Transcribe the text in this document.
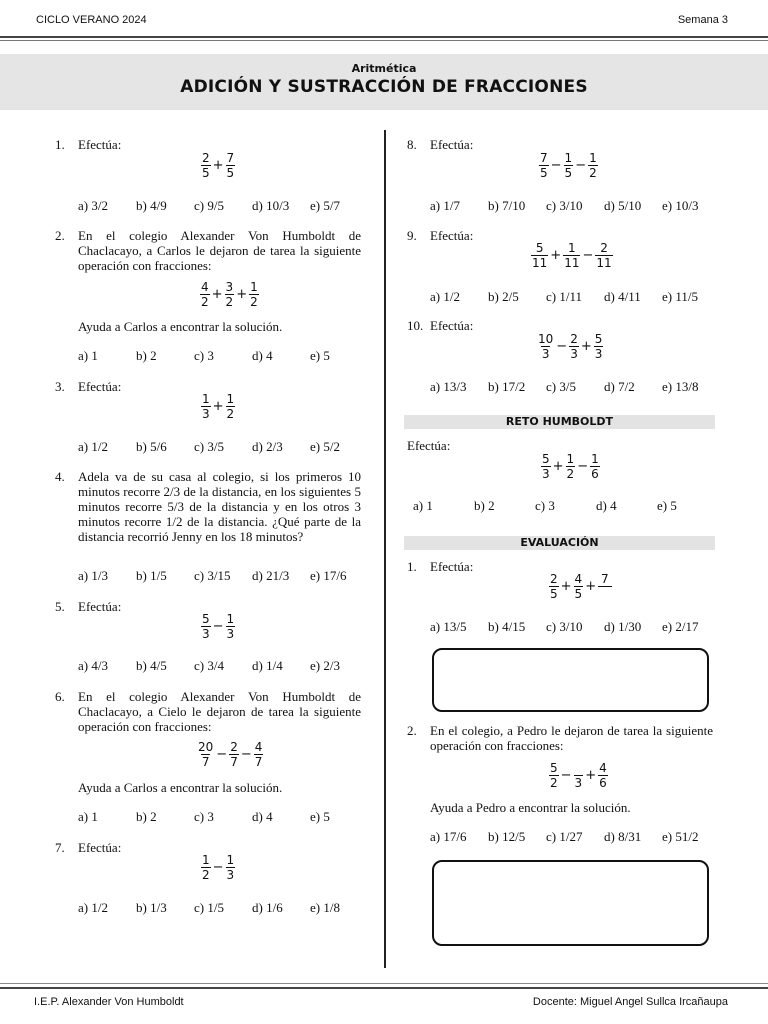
CICLO VERANO 2024	Semana 3
Aritmética
ADICIÓN Y SUSTRACCIÓN DE FRACCIONES
1. Efectúa:
$\frac{2}{5} + \frac{7}{5}$
a) 3/2 b) 4/9 c) 9/5 d) 10/3 e) 5/7
2. En el colegio Alexander Von Humboldt de Chaclacayo, a Carlos le dejaron de tarea la siguiente operación con fracciones:
$\frac{4}{2} + \frac{3}{2} + \frac{1}{2}$
Ayuda a Carlos a encontrar la solución.
a) 1	b) 2	c) 3	d) 4	e) 5
3. Efectúa:
$\frac{1}{3} + \frac{1}{2}$
a) 1/2 b) 5/6 c) 3/5 d) 2/3 e) 5/2
4. Adela va de su casa al colegio, si los primeros 10 minutos recorre 2/3 de la distancia, en los siguientes 5 minutos recorre 5/3 de la distancia y en los otros 3 minutos recorre 1/2 de la distancia. ¿Qué parte de la distancia recorrió Jenny en los 18 minutos?
a) 1/3 b) 1/5 c) 3/15 d) 21/3 e) 17/6
5. Efectúa:
$\frac{5}{3} - \frac{1}{3}$
a) 4/3 b) 4/5 c) 3/4 d) 1/4 e) 2/3
6. En el colegio Alexander Von Humboldt de Chaclacayo, a Cielo le dejaron de tarea la siguiente operación con fracciones:
$\frac{20}{7} - \frac{2}{7} - \frac{4}{7}$
Ayuda a Carlos a encontrar la solución.
a) 1	b) 2	c) 3	d) 4	e) 5
7. Efectúa:
$\frac{1}{2} - \frac{1}{3}$
a) 1/2 b) 1/3 c) 1/5 d) 1/6 e) 1/8
8. Efectúa:
$\frac{7}{5} - \frac{1}{5} - \frac{1}{2}$
a) 1/7 b) 7/10 c) 3/10 d) 5/10 e) 10/3
9. Efectúa:
$\frac{5}{11} + \frac{1}{11} - \frac{2}{11}$
a) 1/2 b) 2/5 c) 1/11 d) 4/11 e) 11/5
10. Efectúa:
$\frac{10}{3} - \frac{2}{3} + \frac{5}{3}$
a) 13/3 b) 17/2 c) 3/5 d) 7/2 e) 13/8
RETO HUMBOLDT
Efectúa:
$\frac{5}{3} + \frac{1}{2} - \frac{1}{6}$
a) 1	b) 2	c) 3	d) 4	e) 5
EVALUACIÓN
1. Efectúa:
$\frac{2}{5} + \frac{4}{5} + 7$

a) 13/5 b) 4/15 c) 3/10 d) 1/30 e) 2/17
2. En el colegio, a Pedro le dejaron de tarea la siguiente operación con fracciones:
$\frac{5}{2}$ −
$3 + \frac{4}{6}$
Ayuda a Pedro a encontrar la solución.
a) 17/6 b) 12/5 c) 1/27 d) 8/31 e) 51/2
I.E.P. Alexander Von Humboldt	Docente: Miguel Angel Sullca Ircañaupa
